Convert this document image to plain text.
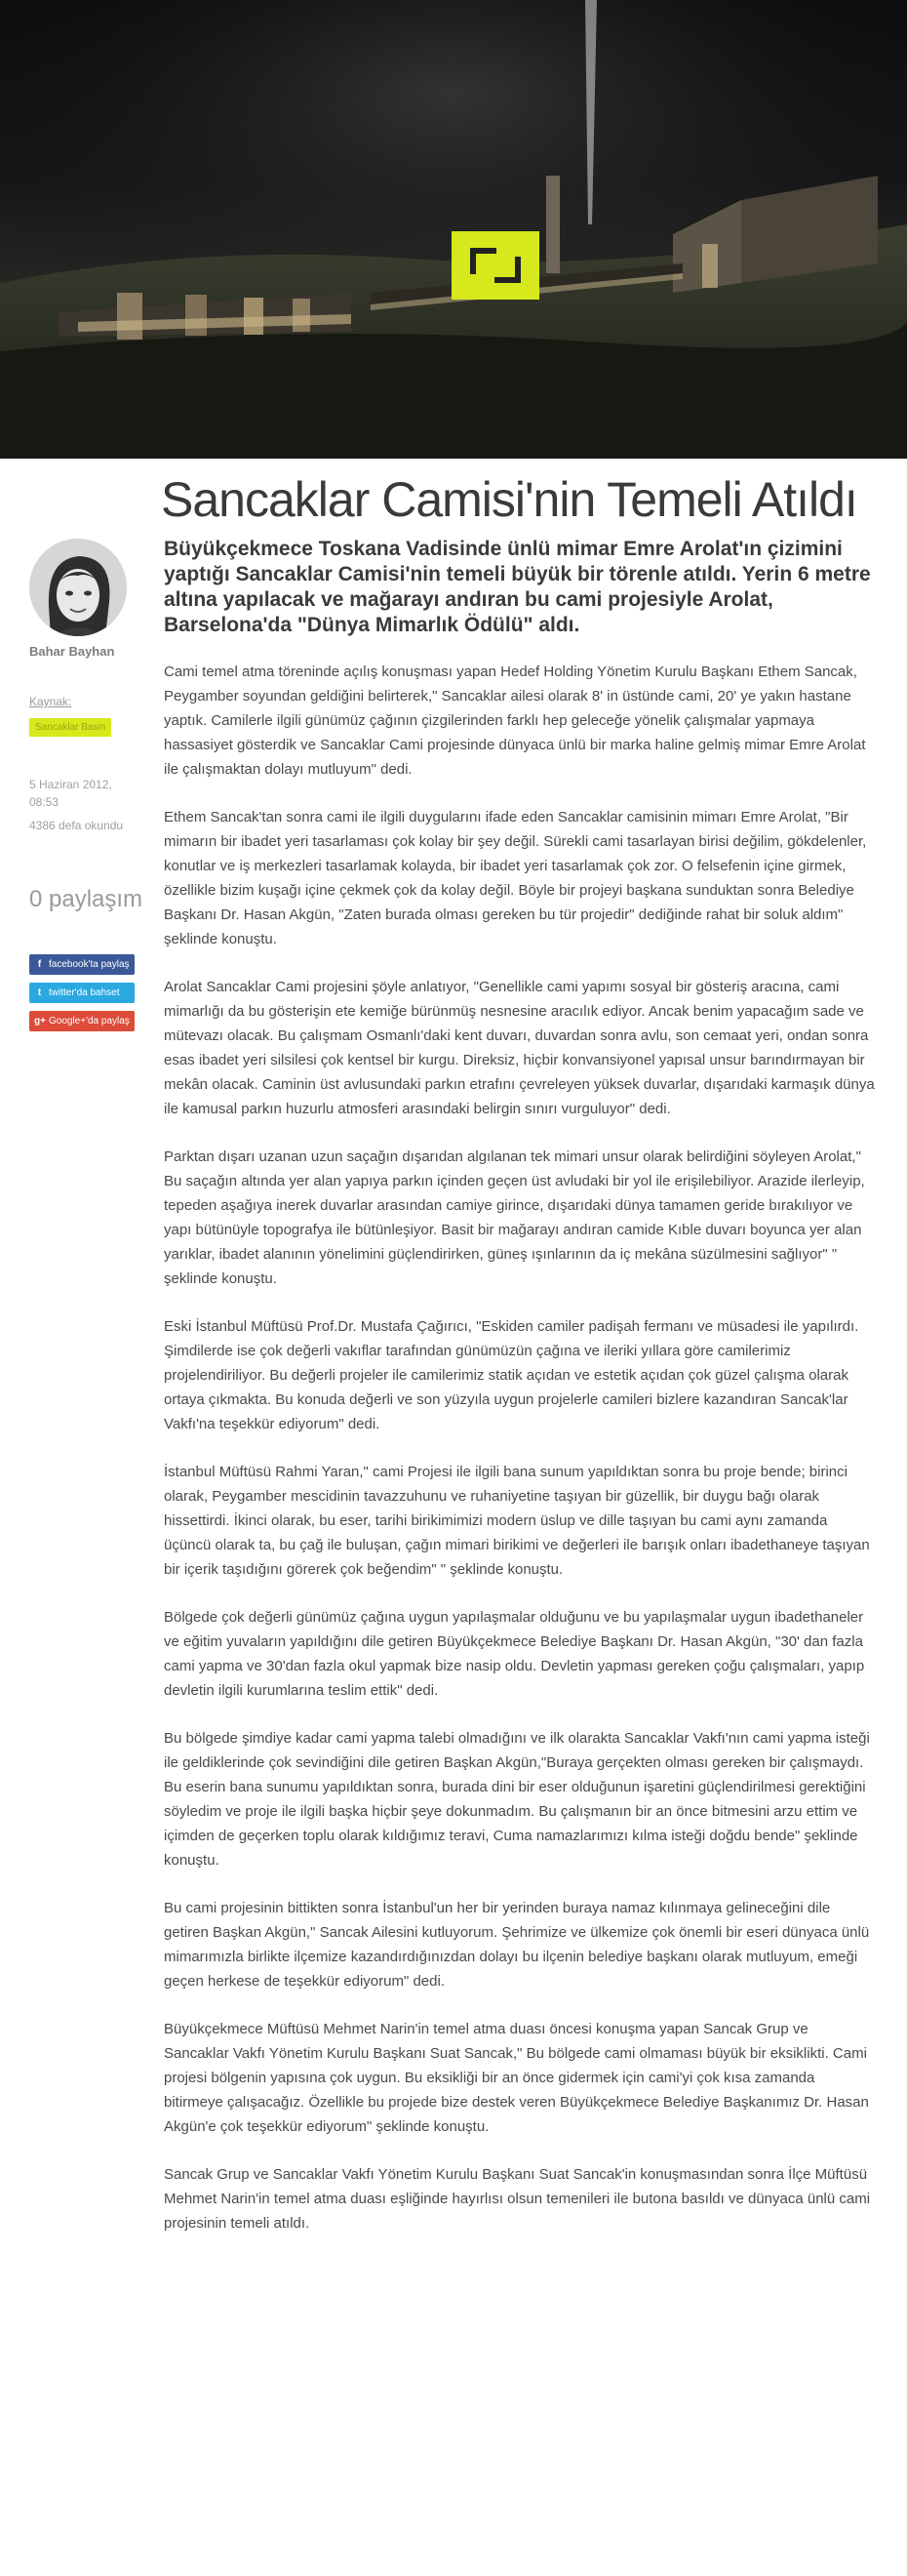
Sancaklar Camisi'nin Temeli Atıldı

Büyükçekmece Toskana Vadisinde ünlü mimar Emre Arolat'ın çizimini yaptığı Sancaklar Camisi'nin temeli büyük bir törenle atıldı. Yerin 6 metre altına yapılacak ve mağarayı andıran bu cami projesiyle Arolat, Barselona'da "Dünya Mimarlık Ödülü" aldı.

Bahar Bayhan
Kaynak:
Sancaklar Basin
5 Haziran 2012,
08:53
4386 defa okundu
0 paylaşım
f facebook'ta paylaş
t twitter'da bahset
g+ Google+'da paylaş

Cami temel atma töreninde açılış konuşması yapan Hedef Holding Yönetim Kurulu Başkanı Ethem Sancak, Peygamber soyundan geldiğini belirterek," Sancaklar ailesi olarak 8' in üstünde cami, 20' ye yakın hastane yaptık. Camilerle ilgili günümüz çağının çizgilerinden farklı hep geleceğe yönelik çalışmalar yapmaya hassasiyet gösterdik ve Sancaklar Cami projesinde dünyaca ünlü bir marka haline gelmiş mimar Emre Arolat ile çalışmaktan dolayı mutluyum" dedi.

Ethem Sancak'tan sonra cami ile ilgili duygularını ifade eden Sancaklar camisinin mimarı Emre Arolat, "Bir mimarın bir ibadet yeri tasarlaması çok kolay bir şey değil. Sürekli cami tasarlayan birisi değilim, gökdelenler, konutlar ve iş merkezleri tasarlamak kolayda, bir ibadet yeri tasarlamak çok zor. O felsefenin içine girmek, özellikle bizim kuşağı içine çekmek çok da kolay değil. Böyle bir projeyi başkana sunduktan sonra Belediye Başkanı Dr. Hasan Akgün, "Zaten burada olması gereken bu tür projedir" dediğinde rahat bir soluk aldım" şeklinde konuştu.

Arolat Sancaklar Cami projesini şöyle anlatıyor, "Genellikle cami yapımı sosyal bir gösteriş aracına, cami mimarlığı da bu gösterişin ete kemiğe bürünmüş nesnesine aracılık ediyor. Ancak benim yapacağım sade ve mütevazı olacak. Bu çalışmam Osmanlı'daki kent duvarı, duvardan sonra avlu, son cemaat yeri, ondan sonra esas ibadet yeri silsilesi çok kentsel bir kurgu. Direksiz, hiçbir konvansiyonel yapısal unsur barındırmayan bir mekân olacak. Caminin üst avlusundaki parkın etrafını çevreleyen yüksek duvarlar, dışarıdaki karmaşık dünya ile kamusal parkın huzurlu atmosferi arasındaki belirgin sınırı vurguluyor" dedi.

Parktan dışarı uzanan uzun saçağın dışarıdan algılanan tek mimari unsur olarak belirdiğini söyleyen Arolat," Bu saçağın altında yer alan yapıya parkın içinden geçen üst avludaki bir yol ile erişilebiliyor. Arazide ilerleyip, tepeden aşağıya inerek duvarlar arasından camiye girince, dışarıdaki dünya tamamen geride bırakılıyor ve yapı bütünüyle topografya ile bütünleşiyor. Basit bir mağarayı andıran camide Kıble duvarı boyunca yer alan yarıklar, ibadet alanının yönelimini güçlendirirken, güneş ışınlarının da iç mekâna süzülmesini sağlıyor" " şeklinde konuştu.

Eski İstanbul Müftüsü Prof.Dr. Mustafa Çağırıcı, "Eskiden camiler padişah fermanı ve müsadesi ile yapılırdı. Şimdilerde ise çok değerli vakıflar tarafından günümüzün çağına ve ileriki yıllara göre camilerimiz projelendiriliyor. Bu değerli projeler ile camilerimiz statik açıdan ve estetik açıdan çok güzel çalışma olarak ortaya çıkmakta. Bu konuda değerli ve son yüzyıla uygun projelerle camileri bizlere kazandıran Sancak'lar Vakfı'na teşekkür ediyorum" dedi.

İstanbul Müftüsü Rahmi Yaran," cami Projesi ile ilgili bana sunum yapıldıktan sonra bu proje bende; birinci olarak, Peygamber mescidinin tavazzuhunu ve ruhaniyetine taşıyan bir güzellik, bir duygu bağı olarak hissettirdi. İkinci olarak, bu eser, tarihi birikimimizi modern üslup ve dille taşıyan bu cami aynı zamanda üçüncü olarak ta, bu çağ ile buluşan, çağın mimari birikimi ve değerleri ile barışık onları ibadethaneye taşıyan bir içerik taşıdığını görerek çok beğendim" " şeklinde konuştu.

Bölgede çok değerli günümüz çağına uygun yapılaşmalar olduğunu ve bu yapılaşmalar uygun ibadethaneler ve eğitim yuvaların yapıldığını dile getiren Büyükçekmece Belediye Başkanı Dr. Hasan Akgün, "30' dan fazla cami yapma ve 30'dan fazla okul yapmak bize nasip oldu. Devletin yapması gereken çoğu çalışmaları, yapıp devletin ilgili kurumlarına teslim ettik" dedi.

Bu bölgede şimdiye kadar cami yapma talebi olmadığını ve ilk olarakta Sancaklar Vakfı'nın cami yapma isteği ile geldiklerinde çok sevindiğini dile getiren Başkan Akgün,"Buraya gerçekten olması gereken bir çalışmaydı. Bu eserin bana sunumu yapıldıktan sonra, burada dini bir eser olduğunun işaretini güçlendirilmesi gerektiğini söyledim ve proje ile ilgili başka hiçbir şeye dokunmadım. Bu çalışmanın bir an önce bitmesini arzu ettim ve içimden de geçerken toplu olarak kıldığımız teravi, Cuma namazlarımızı kılma isteği doğdu bende" şeklinde konuştu.

Bu cami projesinin bittikten sonra İstanbul'un her bir yerinden buraya namaz kılınmaya gelineceğini dile getiren Başkan Akgün," Sancak Ailesini kutluyorum. Şehrimize ve ülkemize çok önemli bir eseri dünyaca ünlü mimarımızla birlikte ilçemize kazandırdığınızdan dolayı bu ilçenin belediye başkanı olarak mutluyum, emeği geçen herkese de teşekkür ediyorum" dedi.

Büyükçekmece Müftüsü Mehmet Narin'in temel atma duası öncesi konuşma yapan Sancak Grup ve Sancaklar Vakfı Yönetim Kurulu Başkanı Suat Sancak," Bu bölgede cami olmaması büyük bir eksiklikti. Cami projesi bölgenin yapısına çok uygun. Bu eksikliği bir an önce gidermek için cami'yi çok kısa zamanda bitirmeye çalışacağız. Özellikle bu projede bize destek veren Büyükçekmece Belediye Başkanımız Dr. Hasan Akgün'e çok teşekkür ediyorum" şeklinde konuştu.

Sancak Grup ve Sancaklar Vakfı Yönetim Kurulu Başkanı Suat Sancak'in konuşmasından sonra İlçe Müftüsü Mehmet Narin'in temel atma duası eşliğinde hayırlısı olsun temenileri ile butona basıldı ve dünyaca ünlü cami projesinin temeli atıldı.
